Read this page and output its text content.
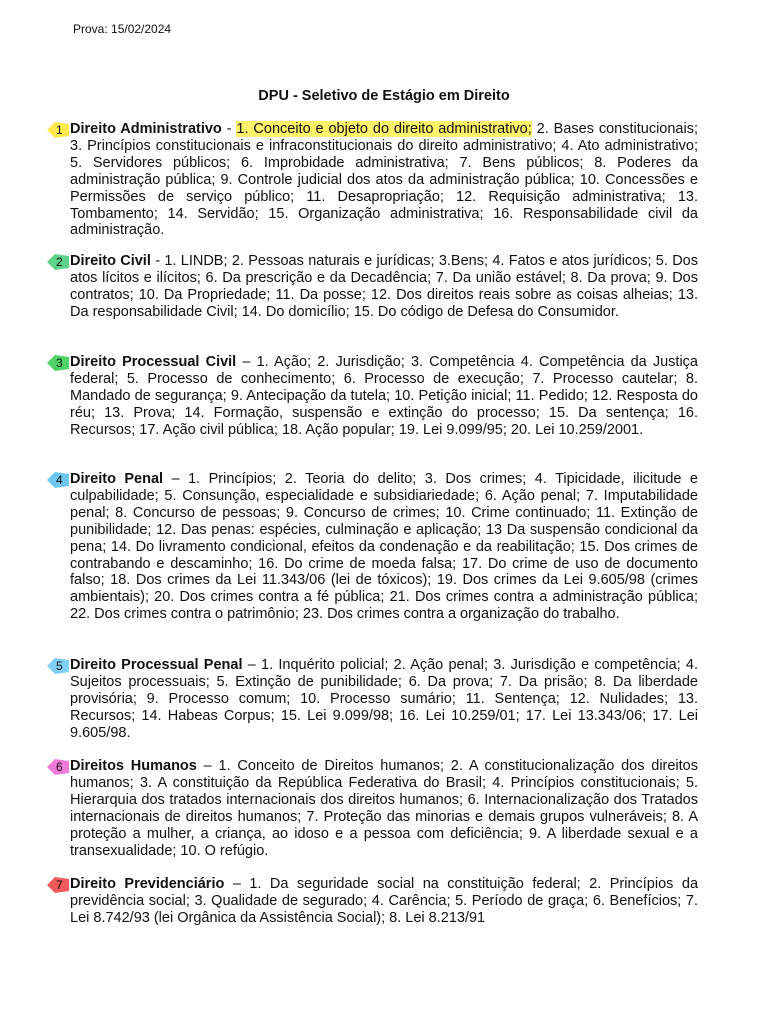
Prova: 15/02/2024
DPU - Seletivo de Estágio em Direito
1 Direito Administrativo - 1. Conceito e objeto do direito administrativo; 2. Bases constitucionais; 3. Princípios constitucionais e infraconstitucionais do direito administrativo; 4. Ato administrativo; 5. Servidores públicos; 6. Improbidade administrativa; 7. Bens públicos; 8. Poderes da administração pública; 9. Controle judicial dos atos da administração pública; 10. Concessões e Permissões de serviço público; 11. Desapropriação; 12. Requisição administrativa; 13. Tombamento; 14. Servidão; 15. Organização administrativa; 16. Responsabilidade civil da administração.
2 Direito Civil - 1. LINDB; 2. Pessoas naturais e jurídicas; 3.Bens; 4. Fatos e atos jurídicos; 5. Dos atos lícitos e ilícitos; 6. Da prescrição e da Decadência; 7. Da união estável; 8. Da prova; 9. Dos contratos; 10. Da Propriedade; 11. Da posse; 12. Dos direitos reais sobre as coisas alheias; 13. Da responsabilidade Civil; 14. Do domicílio; 15. Do código de Defesa do Consumidor.
3 Direito Processual Civil – 1. Ação; 2. Jurisdição; 3. Competência 4. Competência da Justiça federal; 5. Processo de conhecimento; 6. Processo de execução; 7. Processo cautelar; 8. Mandado de segurança; 9. Antecipação da tutela; 10. Petição inicial; 11. Pedido; 12. Resposta do réu; 13. Prova; 14. Formação, suspensão e extinção do processo; 15. Da sentença; 16. Recursos; 17. Ação civil pública; 18. Ação popular; 19. Lei 9.099/95; 20. Lei 10.259/2001.
4 Direito Penal – 1. Princípios; 2. Teoria do delito; 3. Dos crimes; 4. Tipicidade, ilicitude e culpabilidade; 5. Consunção, especialidade e subsidiariedade; 6. Ação penal; 7. Imputabilidade penal; 8. Concurso de pessoas; 9. Concurso de crimes; 10. Crime continuado; 11. Extinção de punibilidade; 12. Das penas: espécies, culminação e aplicação; 13 Da suspensão condicional da pena; 14. Do livramento condicional, efeitos da condenação e da reabilitação; 15. Dos crimes de contrabando e descaminho; 16. Do crime de moeda falsa; 17. Do crime de uso de documento falso; 18. Dos crimes da Lei 11.343/06 (lei de tóxicos); 19. Dos crimes da Lei 9.605/98 (crimes ambientais); 20. Dos crimes contra a fé pública; 21. Dos crimes contra a administração pública; 22. Dos crimes contra o patrimônio; 23. Dos crimes contra a organização do trabalho.
5 Direito Processual Penal – 1. Inquérito policial; 2. Ação penal; 3. Jurisdição e competência; 4. Sujeitos processuais; 5. Extinção de punibilidade; 6. Da prova; 7. Da prisão; 8. Da liberdade provisória; 9. Processo comum; 10. Processo sumário; 11. Sentença; 12. Nulidades; 13. Recursos; 14. Habeas Corpus; 15. Lei 9.099/98; 16. Lei 10.259/01; 17. Lei 13.343/06; 17. Lei 9.605/98.
6 Direitos Humanos – 1. Conceito de Direitos humanos; 2. A constitucionalização dos direitos humanos; 3. A constituição da República Federativa do Brasil; 4. Princípios constitucionais; 5. Hierarquia dos tratados internacionais dos direitos humanos; 6. Internacionalização dos Tratados internacionais de direitos humanos; 7. Proteção das minorias e demais grupos vulneráveis; 8. A proteção a mulher, a criança, ao idoso e a pessoa com deficiência; 9. A liberdade sexual e a transexualidade; 10. O refúgio.
7 Direito Previdenciário – 1. Da seguridade social na constituição federal; 2. Princípios da previdência social; 3. Qualidade de segurado; 4. Carência; 5. Período de graça; 6. Benefícios; 7. Lei 8.742/93 (lei Orgânica da Assistência Social); 8. Lei 8.213/91
